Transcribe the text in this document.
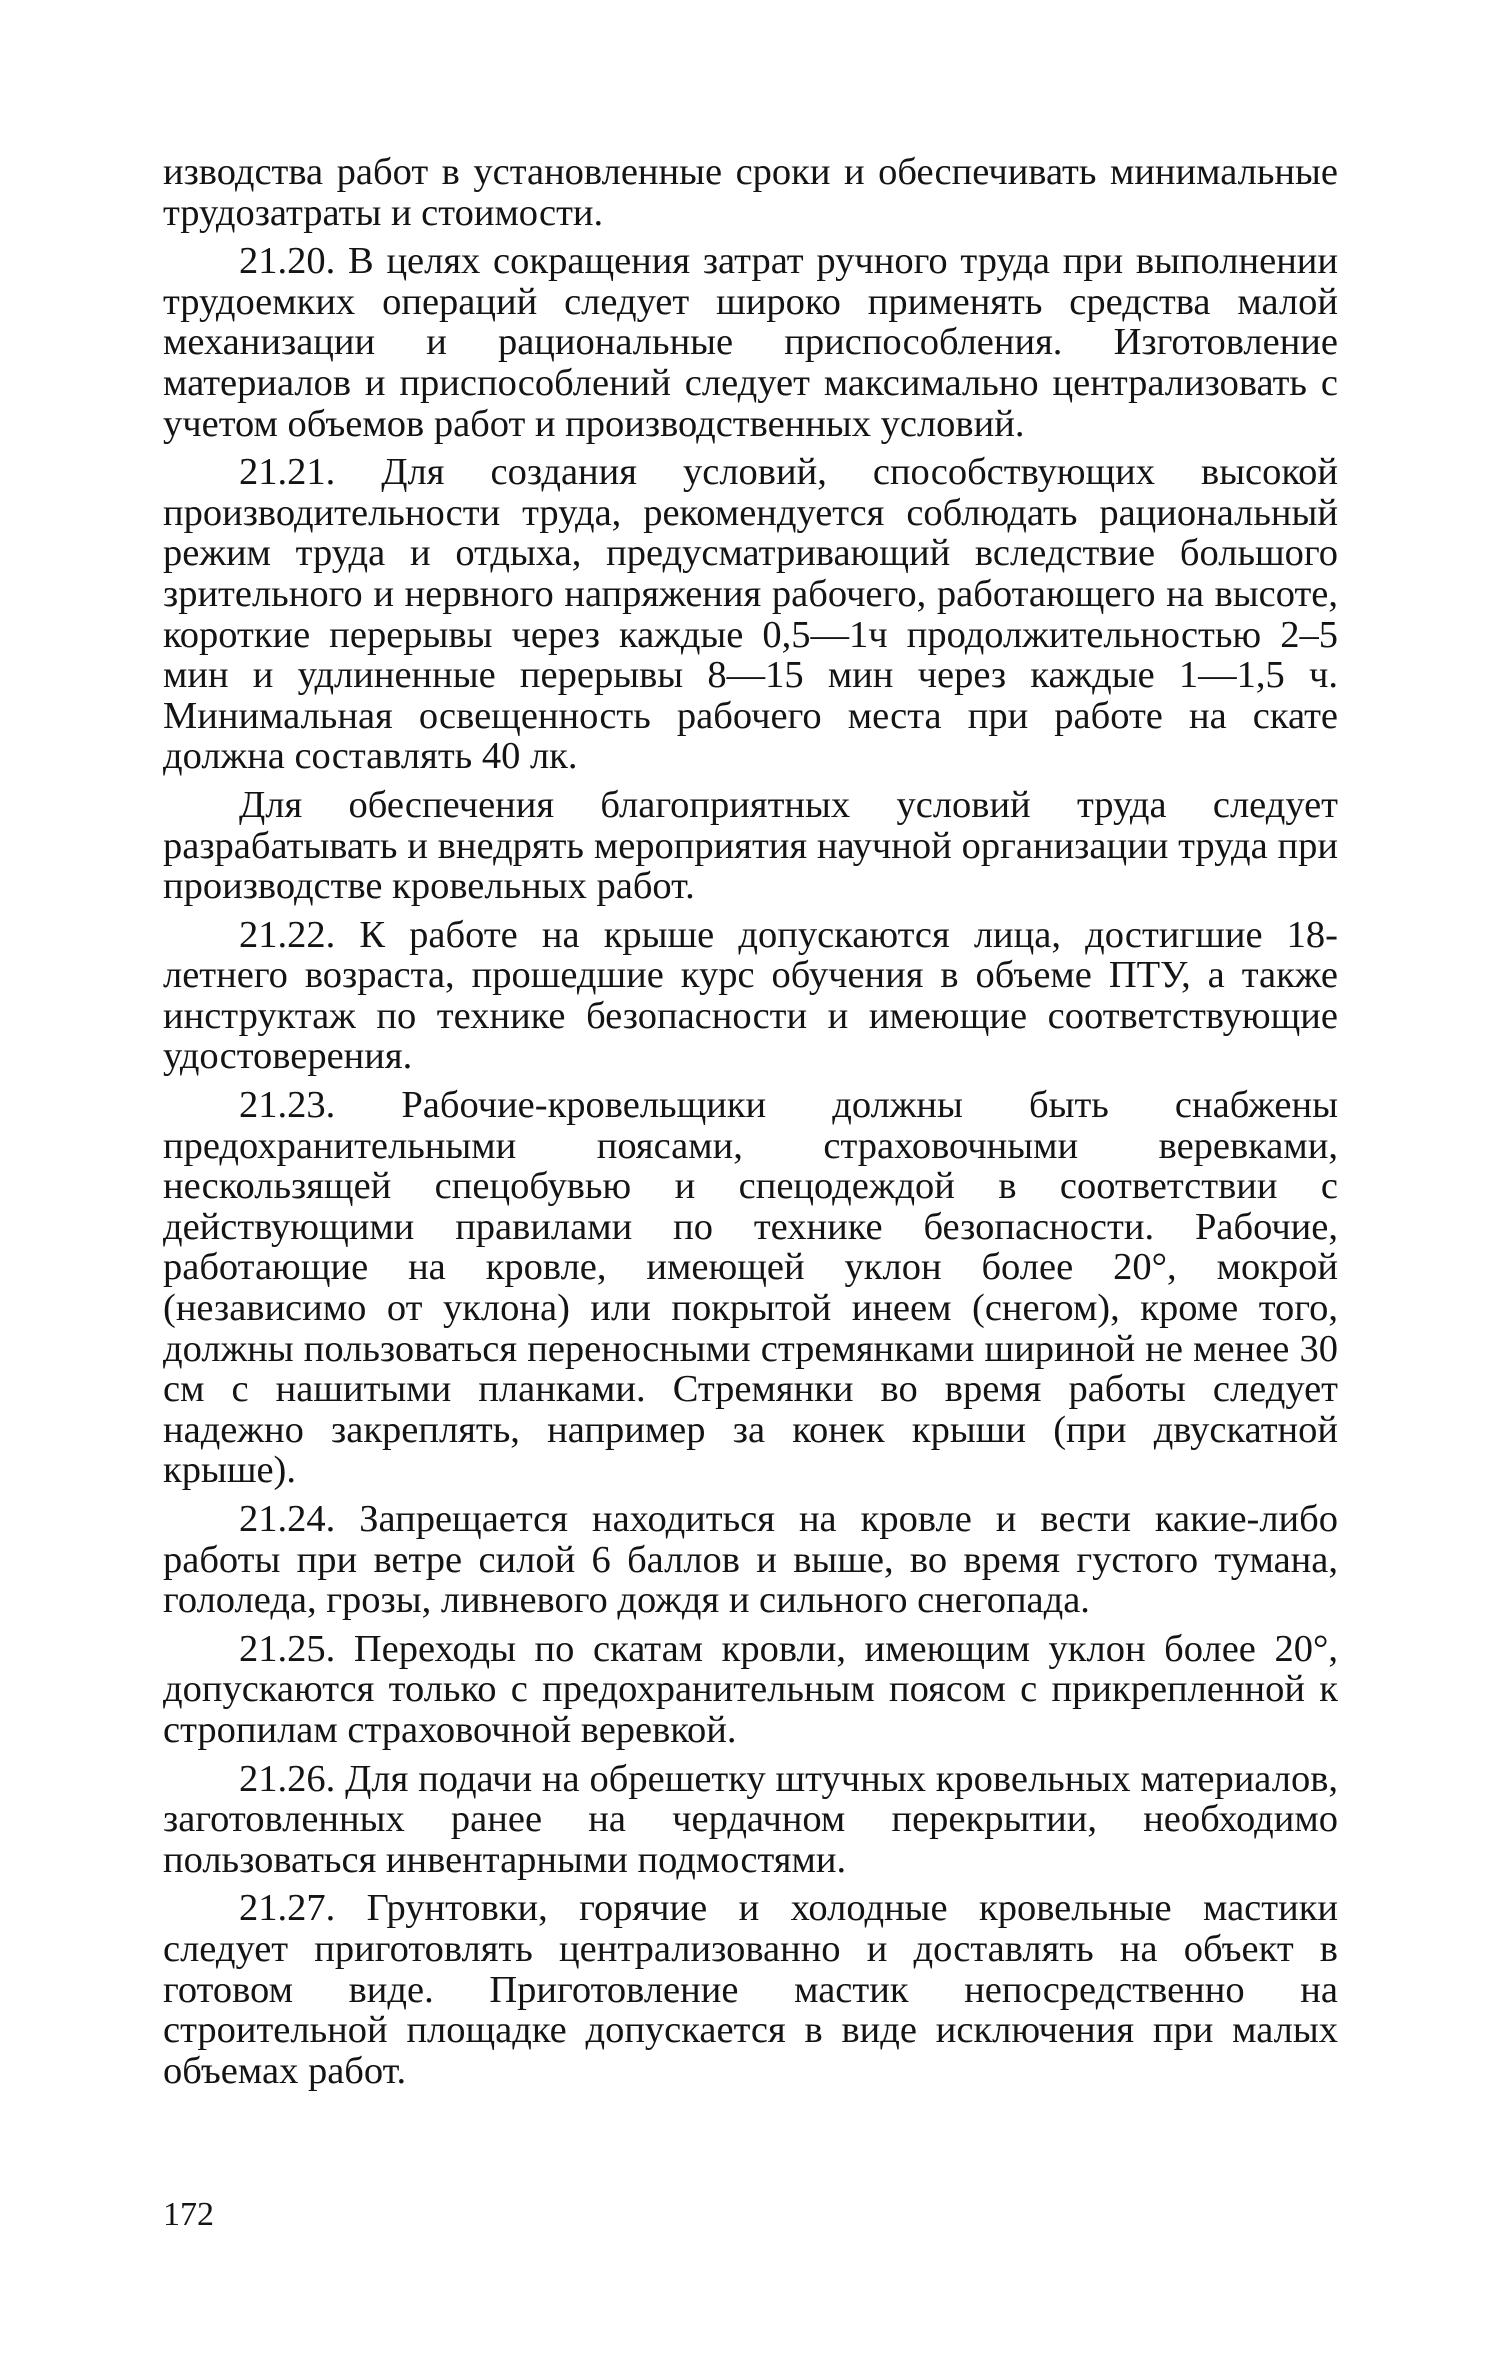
изводства работ в установленные сроки и обеспечивать минимальные трудозатраты и стоимости.

21.20. В целях сокращения затрат ручного труда при выполнении трудоемких операций следует широко применять средства малой механизации и рациональные приспособления. Изготовление материалов и приспособлений следует максимально централизовать с учетом объемов работ и производственных условий.

21.21. Для создания условий, способствующих высокой производительности труда, рекомендуется соблюдать рациональный режим труда и отдыха, предусматривающий вследствие большого зрительного и нервного напряжения рабочего, работающего на высоте, короткие перерывы через каждые 0,5—1ч продолжительностью 2–5 мин и удлиненные перерывы 8—15 мин через каждые 1—1,5 ч. Минимальная освещенность рабочего места при работе на скате должна составлять 40 лк.

Для обеспечения благоприятных условий труда следует разрабатывать и внедрять мероприятия научной организации труда при производстве кровельных работ.

21.22. К работе на крыше допускаются лица, достигшие 18-летнего возраста, прошедшие курс обучения в объеме ПТУ, а также инструктаж по технике безопасности и имеющие соответствующие удостоверения.

21.23. Рабочие-кровельщики должны быть снабжены предохранительными поясами, страховочными веревками, нескользящей спецобувью и спецодеждой в соответствии с действующими правилами по технике безопасности. Рабочие, работающие на кровле, имеющей уклон более 20°, мокрой (независимо от уклона) или покрытой инеем (снегом), кроме того, должны пользоваться переносными стремянками шириной не менее 30 см с нашитыми планками. Стремянки во время работы следует надежно закреплять, например за конек крыши (при двускатной крыше).

21.24. Запрещается находиться на кровле и вести какие-либо работы при ветре силой 6 баллов и выше, во время густого тумана, гололеда, грозы, ливневого дождя и сильного снегопада.

21.25. Переходы по скатам кровли, имеющим уклон более 20°, допускаются только с предохранительным поясом с прикрепленной к стропилам страховочной веревкой.

21.26. Для подачи на обрешетку штучных кровельных материалов, заготовленных ранее на чердачном перекрытии, необходимо пользоваться инвентарными подмостями.

21.27. Грунтовки, горячие и холодные кровельные мастики следует приготовлять централизованно и доставлять на объект в готовом виде. Приготовление мастик непосредственно на строительной площадке допускается в виде исключения при малых объемах работ.

172
